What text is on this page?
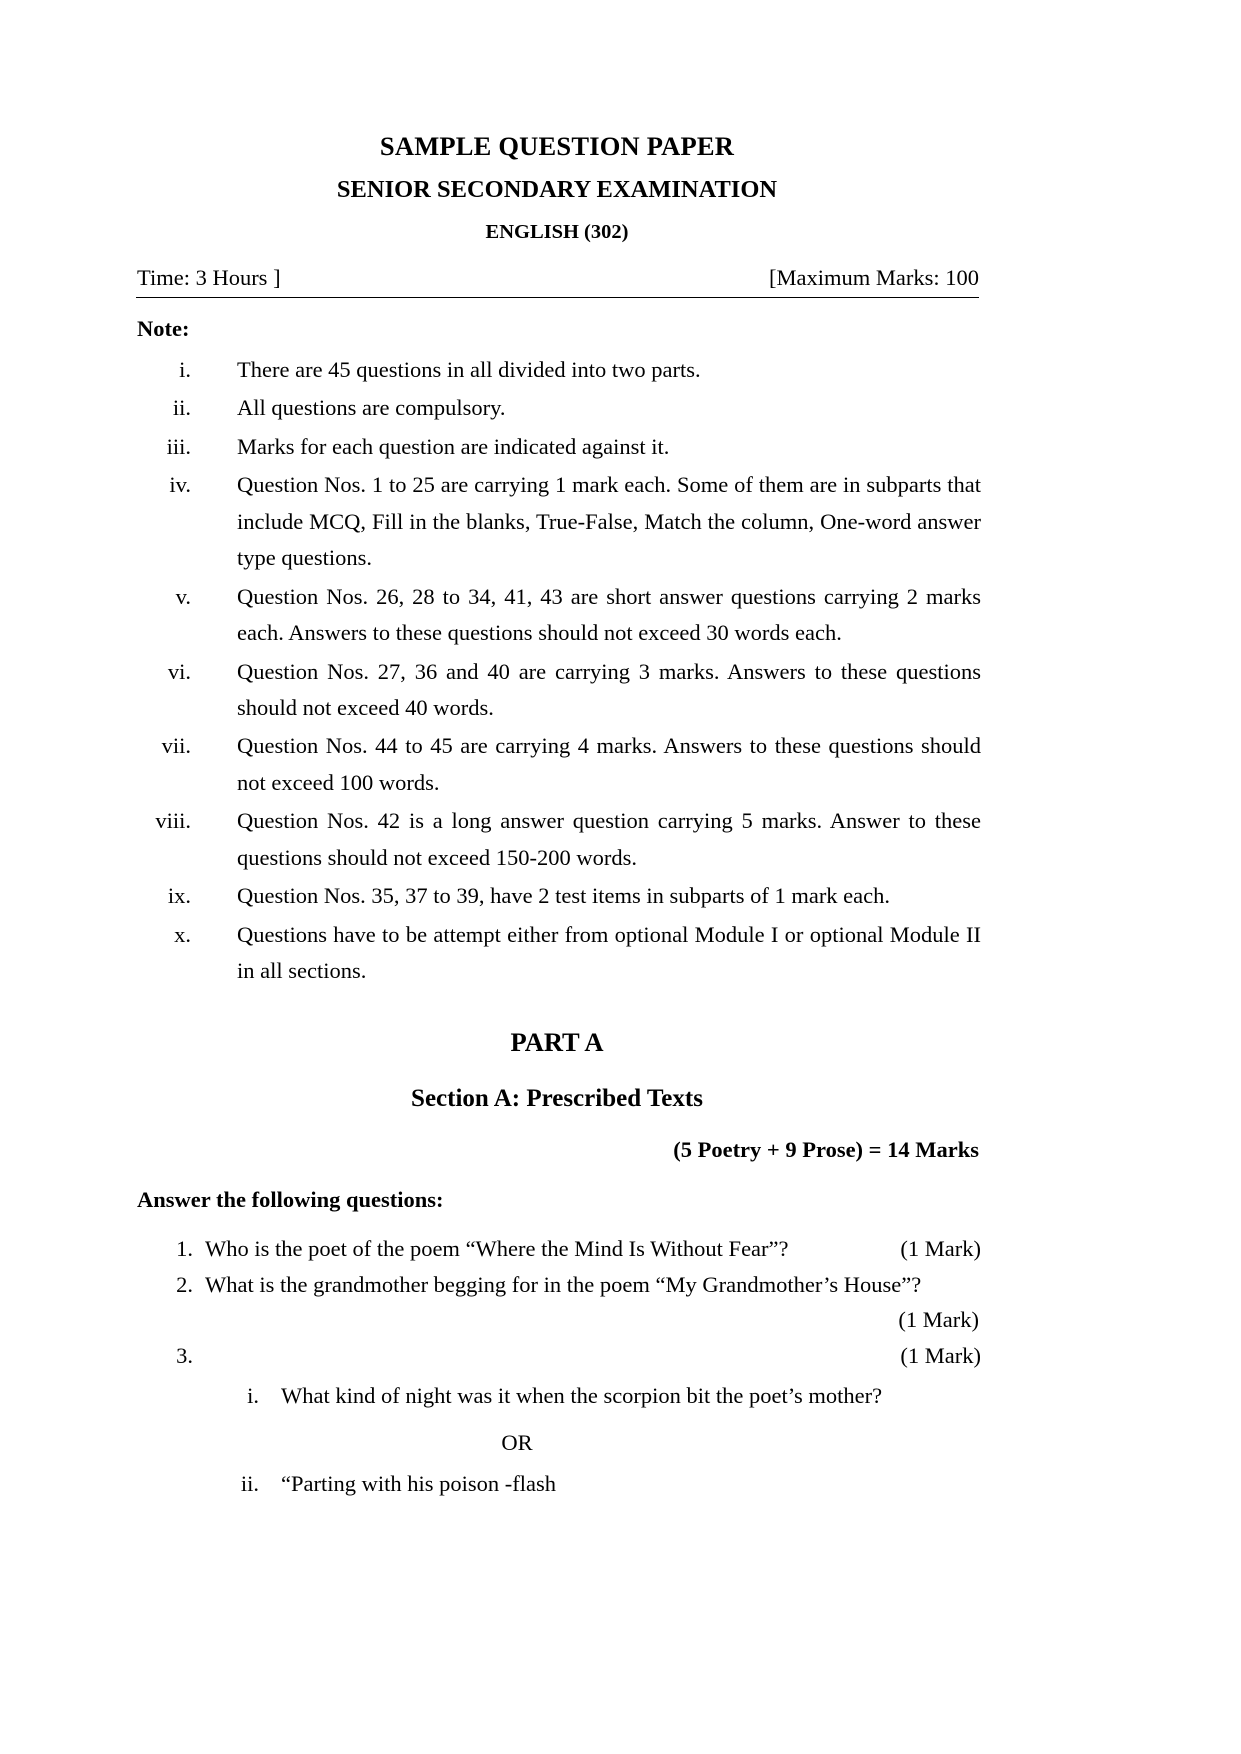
SAMPLE QUESTION PAPER
SENIOR SECONDARY EXAMINATION
ENGLISH (302)
Time: 3 Hours ]	[Maximum Marks: 100
Note:
i.	There are 45 questions in all divided into two parts.
ii.	All questions are compulsory.
iii.	Marks for each question are indicated against it.
iv.	Question Nos. 1 to 25 are carrying 1 mark each. Some of them are in subparts that include MCQ, Fill in the blanks, True-False, Match the column, One-word answer type questions.
v.	Question Nos. 26, 28 to 34, 41, 43 are short answer questions carrying 2 marks each. Answers to these questions should not exceed 30 words each.
vi.	Question Nos. 27, 36 and 40 are carrying 3 marks. Answers to these questions should not exceed 40 words.
vii.	Question Nos. 44 to 45 are carrying 4 marks. Answers to these questions should not exceed 100 words.
viii.	Question Nos. 42 is a long answer question carrying 5 marks. Answer to these questions should not exceed 150-200 words.
ix.	Question Nos. 35, 37 to 39, have 2 test items in subparts of 1 mark each.
x.	Questions have to be attempt either from optional Module I or optional Module II in all sections.
PART A
Section A: Prescribed Texts
(5 Poetry + 9 Prose) = 14 Marks
Answer the following questions:
1. Who is the poet of the poem “Where the Mind Is Without Fear”?	(1 Mark)
2. What is the grandmother begging for in the poem “My Grandmother’s House”?
(1 Mark)
3.	(1 Mark)
i. What kind of night was it when the scorpion bit the poet’s mother?
OR
ii. “Parting with his poison -flash
